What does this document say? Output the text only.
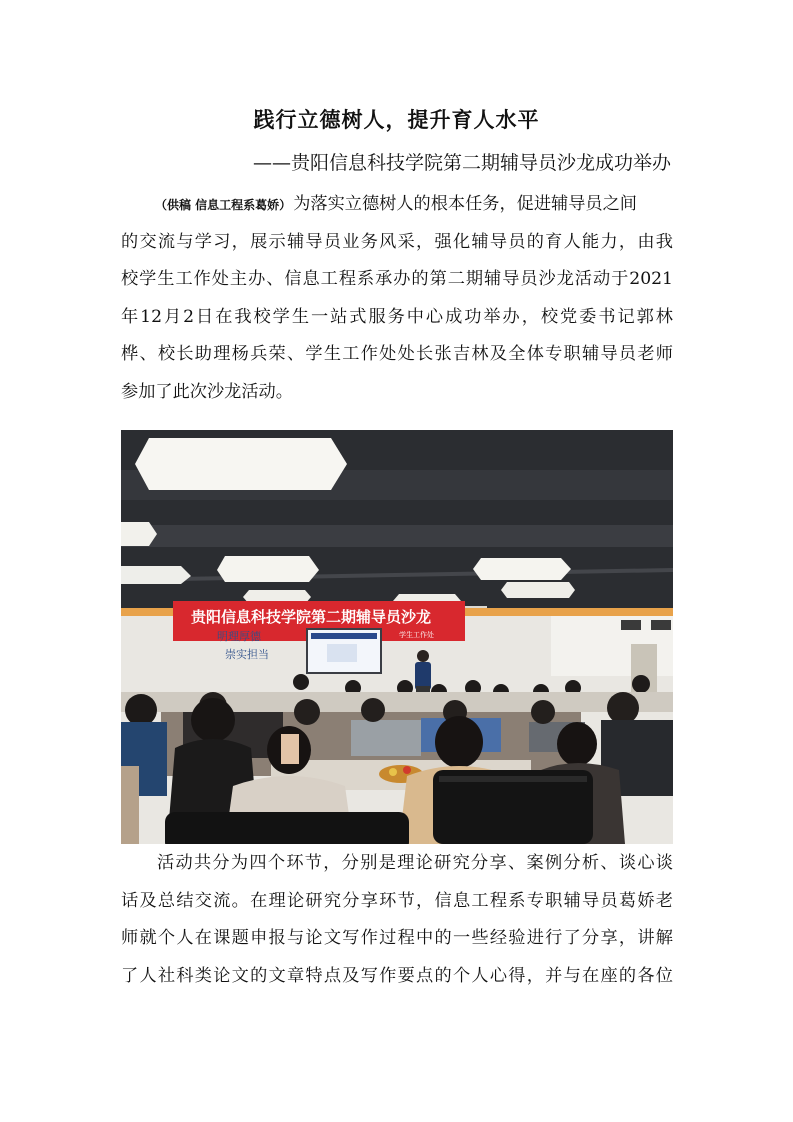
践行立德树人，提升育人水平
——贵阳信息科技学院第二期辅导员沙龙成功举办
（供稿 信息工程系葛娇） 为落实立德树人的根本任务，促进辅导员之间
的交流与学习，展示辅导员业务风采，强化辅导员的育人能力，由我
校学生工作处主办、信息工程系承办的第二期辅导员沙龙活动于2021
年12月2日在我校学生一站式服务中心成功举办，校党委书记郭林
桦、校长助理杨兵荣、学生工作处处长张吉林及全体专职辅导员老师
参加了此次沙龙活动。
贵阳信息科技学院第二期辅导员沙龙
学生工作处
明理厚德
崇实担当
活动共分为四个环节，分别是理论研究分享、案例分析、谈心谈
话及总结交流。在理论研究分享环节，信息工程系专职辅导员葛娇老
师就个人在课题申报与论文写作过程中的一些经验进行了分享，讲解
了人社科类论文的文章特点及写作要点的个人心得，并与在座的各位
